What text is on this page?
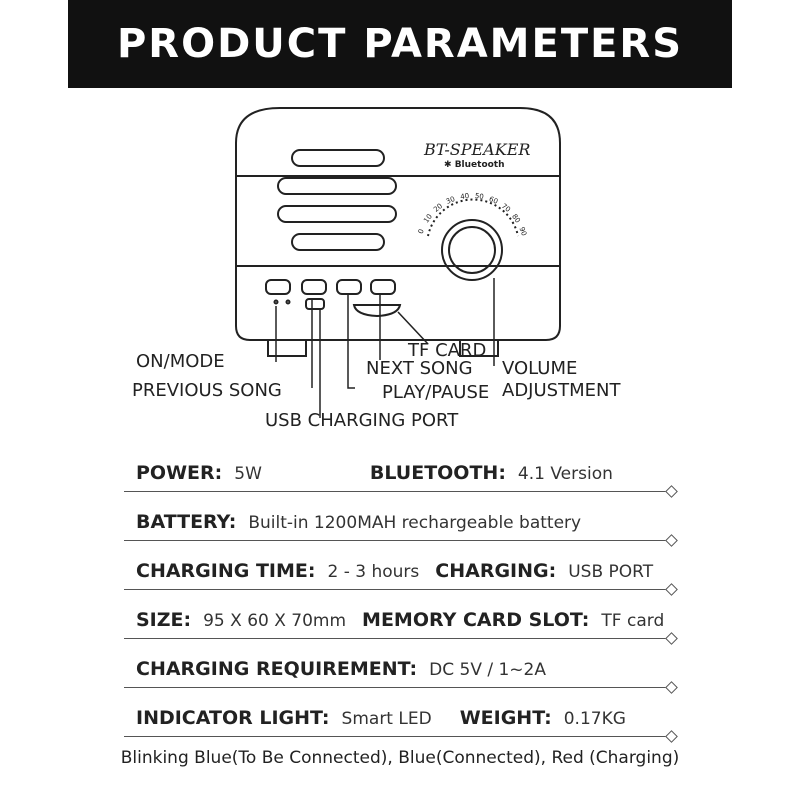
PRODUCT PARAMETERS
0
10
20
30 40 50 60
70
80
90
BT-SPEAKER
✱ Bluetooth
ON/MODE
PREVIOUS SONG
USB CHARGING PORT
TF CARD
NEXT SONG
PLAY/PAUSE
VOLUME
ADJUSTMENT
POWER: 5W	BLUETOOTH: 4.1 Version
BATTERY: Built-in 1200MAH rechargeable battery
CHARGING TIME: 2 - 3 hours CHARGING: USB PORT
SIZE: 95 X 60 X 70mm MEMORY CARD SLOT: TF card
CHARGING REQUIREMENT: DC 5V / 1~2A
INDICATOR LIGHT: Smart LED WEIGHT: 0.17KG
Blinking Blue(To Be Connected), Blue(Connected), Red (Charging)
